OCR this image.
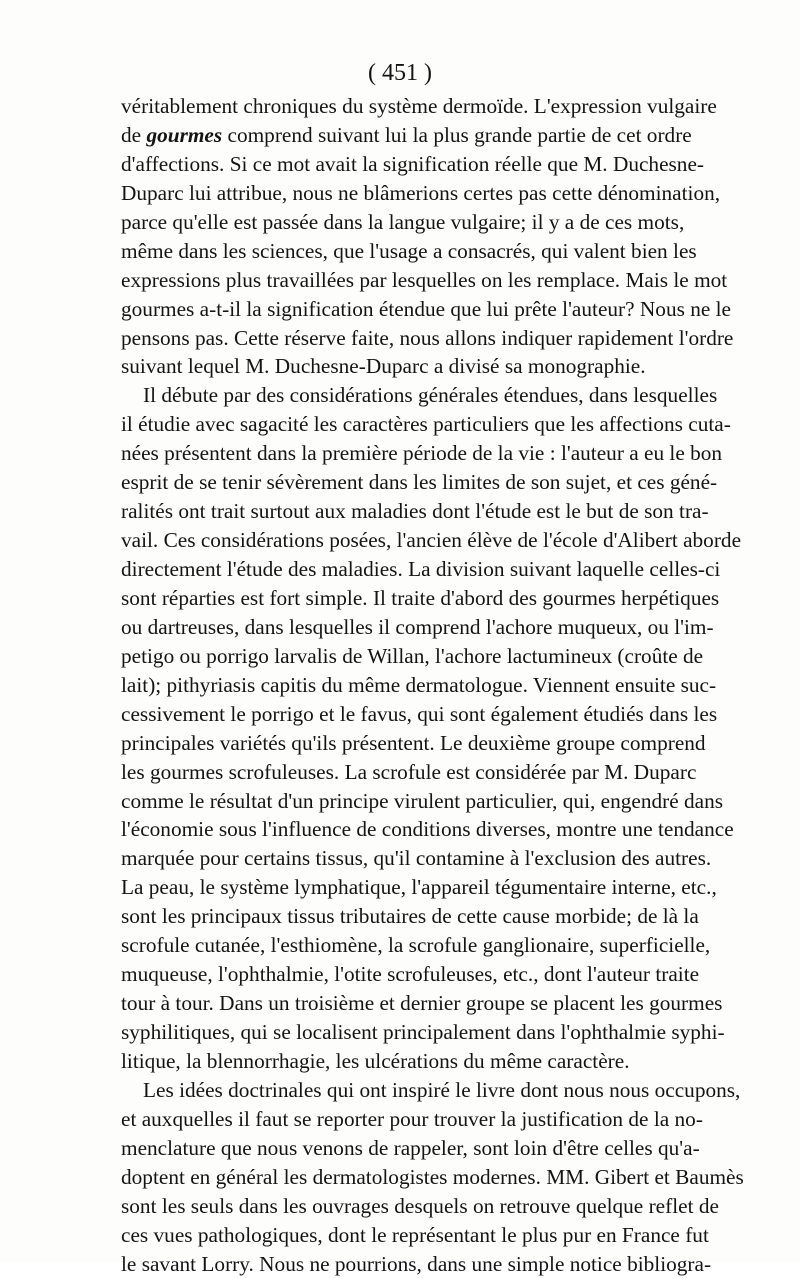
( 451 )
véritablement chroniques du système dermoïde. L'expression vulgaire
de gourmes comprend suivant lui la plus grande partie de cet ordre
d'affections. Si ce mot avait la signification réelle que M. Duchesne-
Duparc lui attribue, nous ne blâmerions certes pas cette dénomination,
parce qu'elle est passée dans la langue vulgaire; il y a de ces mots,
même dans les sciences, que l'usage a consacrés, qui valent bien les
expressions plus travaillées par lesquelles on les remplace. Mais le mot
gourmes a-t-il la signification étendue que lui prête l'auteur? Nous ne le
pensons pas. Cette réserve faite, nous allons indiquer rapidement l'ordre
suivant lequel M. Duchesne-Duparc a divisé sa monographie.
Il débute par des considérations générales étendues, dans lesquelles
il étudie avec sagacité les caractères particuliers que les affections cuta-
nées présentent dans la première période de la vie : l'auteur a eu le bon
esprit de se tenir sévèrement dans les limites de son sujet, et ces géné-
ralités ont trait surtout aux maladies dont l'étude est le but de son tra-
vail. Ces considérations posées, l'ancien élève de l'école d'Alibert aborde
directement l'étude des maladies. La division suivant laquelle celles-ci
sont réparties est fort simple. Il traite d'abord des gourmes herpétiques
ou dartreuses, dans lesquelles il comprend l'achore muqueux, ou l'im-
petigo ou porrigo larvalis de Willan, l'achore lactumineux (croûte de
lait); pithyriasis capitis du même dermatologue. Viennent ensuite suc-
cessivement le porrigo et le favus, qui sont également étudiés dans les
principales variétés qu'ils présentent. Le deuxième groupe comprend
les gourmes scrofuleuses. La scrofule est considérée par M. Duparc
comme le résultat d'un principe virulent particulier, qui, engendré dans
l'économie sous l'influence de conditions diverses, montre une tendance
marquée pour certains tissus, qu'il contamine à l'exclusion des autres.
La peau, le système lymphatique, l'appareil tégumentaire interne, etc.,
sont les principaux tissus tributaires de cette cause morbide; de là la
scrofule cutanée, l'esthiomène, la scrofule ganglionaire, superficielle,
muqueuse, l'ophthalmie, l'otite scrofuleuses, etc., dont l'auteur traite
tour à tour. Dans un troisième et dernier groupe se placent les gourmes
syphilitiques, qui se localisent principalement dans l'ophthalmie syphi-
litique, la blennorrhagie, les ulcérations du même caractère.
Les idées doctrinales qui ont inspiré le livre dont nous nous occupons,
et auxquelles il faut se reporter pour trouver la justification de la no-
menclature que nous venons de rappeler, sont loin d'être celles qu'a-
doptent en général les dermatologistes modernes. MM. Gibert et Baumès
sont les seuls dans les ouvrages desquels on retrouve quelque reflet de
ces vues pathologiques, dont le représentant le plus pur en France fut
le savant Lorry. Nous ne pourrions, dans une simple notice bibliogra-
